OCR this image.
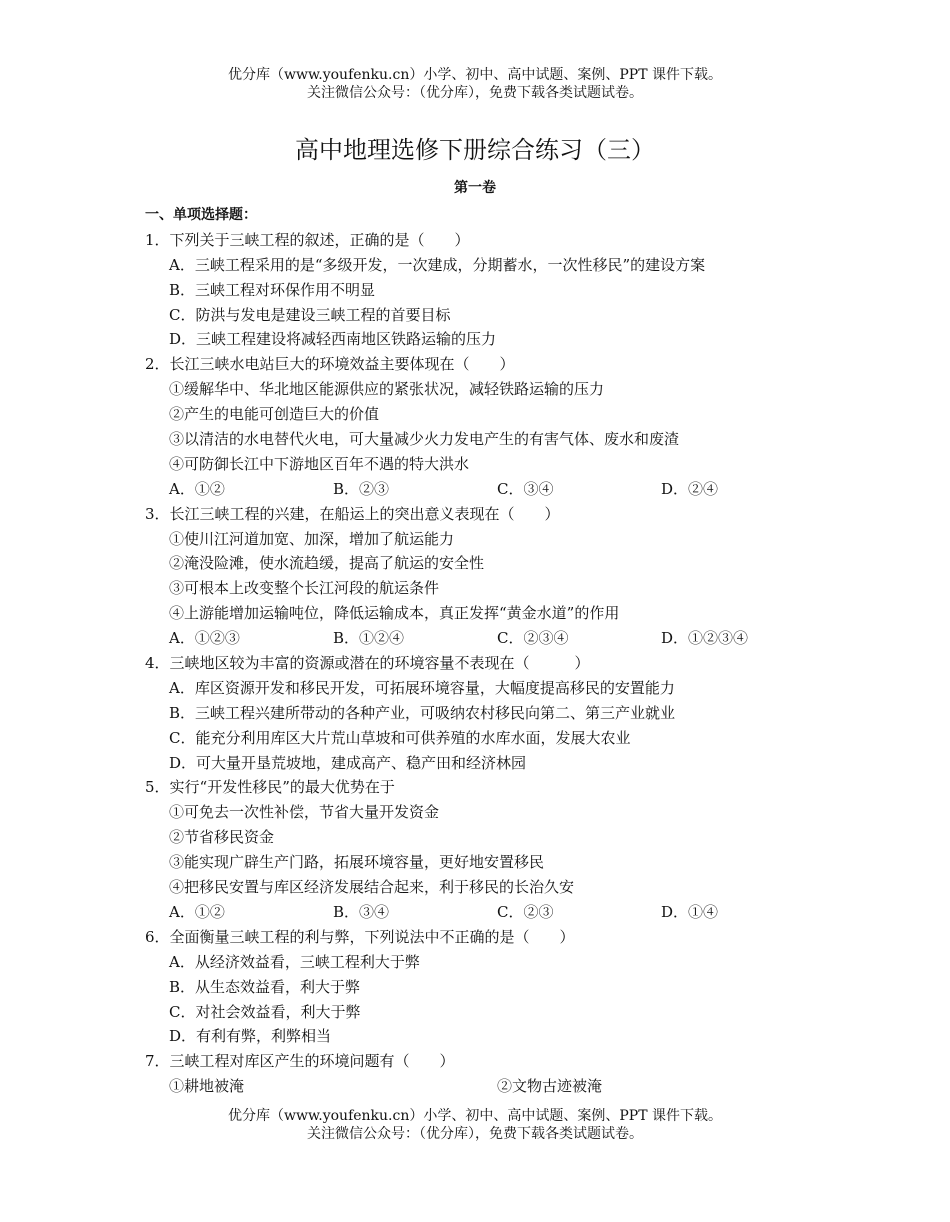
优分库（www.youfenku.cn）小学、初中、高中试题、案例、PPT 课件下载。
关注微信公众号：（优分库），免费下载各类试题试卷。
高中地理选修下册综合练习（三）
第一卷
一、单项选择题：
1．下列关于三峡工程的叙述，正确的是（　　）
A．三峡工程采用的是“多级开发，一次建成，分期蓄水，一次性移民”的建设方案
B．三峡工程对环保作用不明显
C．防洪与发电是建设三峡工程的首要目标
D．三峡工程建设将减轻西南地区铁路运输的压力
2．长江三峡水电站巨大的环境效益主要体现在（　　）
①缓解华中、华北地区能源供应的紧张状况，减轻铁路运输的压力
②产生的电能可创造巨大的价值
③以清洁的水电替代火电，可大量减少火力发电产生的有害气体、废水和废渣
④可防御长江中下游地区百年不遇的特大洪水
A．①②	B．②③	C．③④	D．②④
3．长江三峡工程的兴建，在船运上的突出意义表现在（　　）
①使川江河道加宽、加深，增加了航运能力
②淹没险滩，使水流趋缓，提高了航运的安全性
③可根本上改变整个长江河段的航运条件
④上游能增加运输吨位，降低运输成本，真正发挥“黄金水道”的作用
A．①②③	B．①②④	C．②③④	D．①②③④
4．三峡地区较为丰富的资源或潜在的环境容量不表现在（　　　）
A．库区资源开发和移民开发，可拓展环境容量，大幅度提高移民的安置能力
B．三峡工程兴建所带动的各种产业，可吸纳农村移民向第二、第三产业就业
C．能充分利用库区大片荒山草坡和可供养殖的水库水面，发展大农业
D．可大量开垦荒坡地，建成高产、稳产田和经济林园
5．实行“开发性移民”的最大优势在于
①可免去一次性补偿，节省大量开发资金
②节省移民资金
③能实现广辟生产门路，拓展环境容量，更好地安置移民
④把移民安置与库区经济发展结合起来，利于移民的长治久安
A．①②	B．③④	C．②③	D．①④
6．全面衡量三峡工程的利与弊，下列说法中不正确的是（　　）
A．从经济效益看，三峡工程利大于弊
B．从生态效益看，利大于弊
C．对社会效益看，利大于弊
D．有利有弊，利弊相当
7．三峡工程对库区产生的环境问题有（　　）
①耕地被淹	②文物古迹被淹
优分库（www.youfenku.cn）小学、初中、高中试题、案例、PPT 课件下载。
关注微信公众号：（优分库），免费下载各类试题试卷。
